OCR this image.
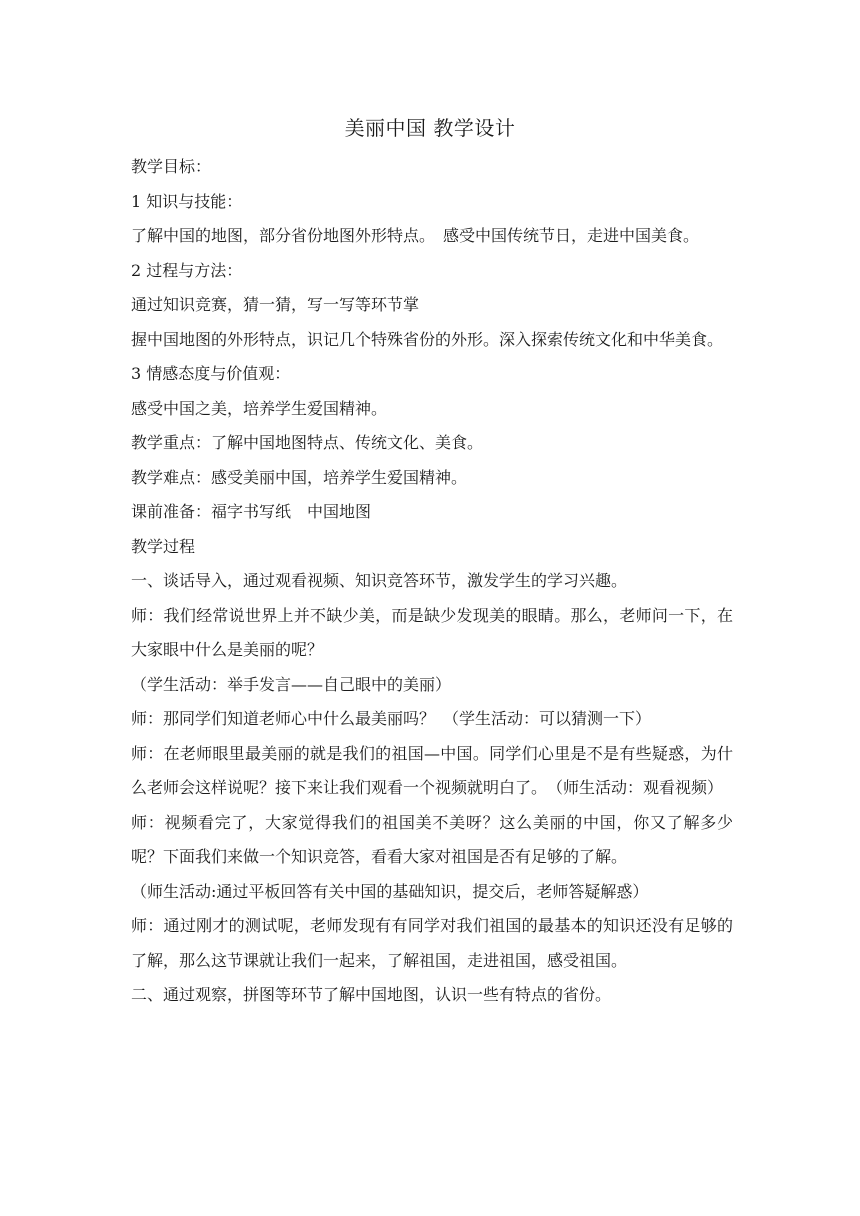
美丽中国 教学设计

教学目标：

1 知识与技能：

了解中国的地图，部分省份地图外形特点。　感受中国传统节日，走进中国美食。

2 过程与方法：

通过知识竞赛，猜一猜，写一写等环节掌

握中国地图的外形特点，识记几个特殊省份的外形。深入探索传统文化和中华美食。

3 情感态度与价值观：

感受中国之美，培养学生爱国精神。

教学重点：了解中国地图特点、传统文化、美食。

教学难点：感受美丽中国，培养学生爱国精神。

课前准备：福字书写纸　中国地图

教学过程

一、谈话导入，通过观看视频、知识竞答环节，激发学生的学习兴趣。

师：我们经常说世界上并不缺少美，而是缺少发现美的眼睛。那么，老师问一下，在大家眼中什么是美丽的呢？

（学生活动：举手发言——自己眼中的美丽）

师：那同学们知道老师心中什么最美丽吗？　（学生活动：可以猜测一下）

师：在老师眼里最美丽的就是我们的祖国—中国。同学们心里是不是有些疑惑，为什么老师会这样说呢？接下来让我们观看一个视频就明白了。　（师生活动：观看视频）

师：视频看完了，大家觉得我们的祖国美不美呀？这么美丽的中国，你又了解多少呢？下面我们来做一个知识竞答，看看大家对祖国是否有足够的了解。

（师生活动:通过平板回答有关中国的基础知识，提交后，老师答疑解惑）

师：通过刚才的测试呢，老师发现有有同学对我们祖国的最基本的知识还没有足够的了解，那么这节课就让我们一起来，了解祖国，走进祖国，感受祖国。

二、通过观察，拼图等环节了解中国地图，认识一些有特点的省份。
